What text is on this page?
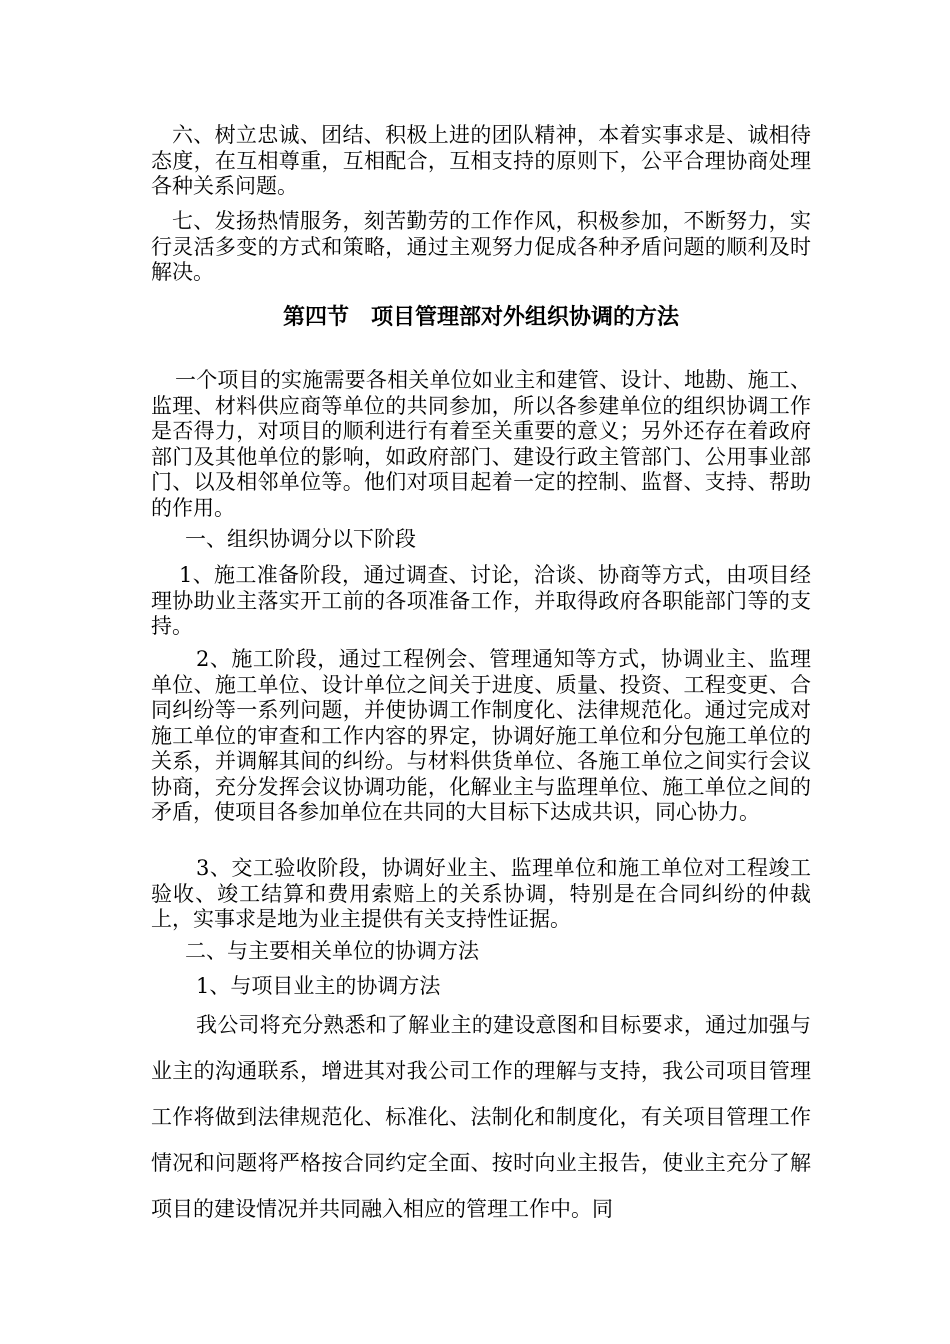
六、树立忠诚、团结、积极上进的团队精神，本着实事求是、诚相待态度，在互相尊重，互相配合，互相支持的原则下，公平合理协商处理各种关系问题。

七、发扬热情服务，刻苦勤劳的工作作风，积极参加，不断努力，实行灵活多变的方式和策略，通过主观努力促成各种矛盾问题的顺利及时解决。

第四节　项目管理部对外组织协调的方法

一个项目的实施需要各相关单位如业主和建管、设计、地勘、施工、监理、材料供应商等单位的共同参加，所以各参建单位的组织协调工作是否得力，对项目的顺利进行有着至关重要的意义；另外还存在着政府部门及其他单位的影响，如政府部门、建设行政主管部门、公用事业部门、以及相邻单位等。他们对项目起着一定的控制、监督、支持、帮助的作用。

一、组织协调分以下阶段

1、施工准备阶段，通过调查、讨论，洽谈、协商等方式，由项目经理协助业主落实开工前的各项准备工作，并取得政府各职能部门等的支持。

2、施工阶段，通过工程例会、管理通知等方式，协调业主、监理单位、施工单位、设计单位之间关于进度、质量、投资、工程变更、合同纠纷等一系列问题，并使协调工作制度化、法律规范化。通过完成对施工单位的审查和工作内容的界定，协调好施工单位和分包施工单位的关系，并调解其间的纠纷。与材料供货单位、各施工单位之间实行会议协商，充分发挥会议协调功能，化解业主与监理单位、施工单位之间的矛盾，使项目各参加单位在共同的大目标下达成共识，同心协力。

3、交工验收阶段，协调好业主、监理单位和施工单位对工程竣工验收、竣工结算和费用索赔上的关系协调，特别是在合同纠纷的仲裁上，实事求是地为业主提供有关支持性证据。

二、与主要相关单位的协调方法

1、与项目业主的协调方法

我公司将充分熟悉和了解业主的建设意图和目标要求，通过加强与业主的沟通联系，增进其对我公司工作的理解与支持，我公司项目管理工作将做到法律规范化、标准化、法制化和制度化，有关项目管理工作情况和问题将严格按合同约定全面、按时向业主报告，使业主充分了解项目的建设情况并共同融入相应的管理工作中。同
